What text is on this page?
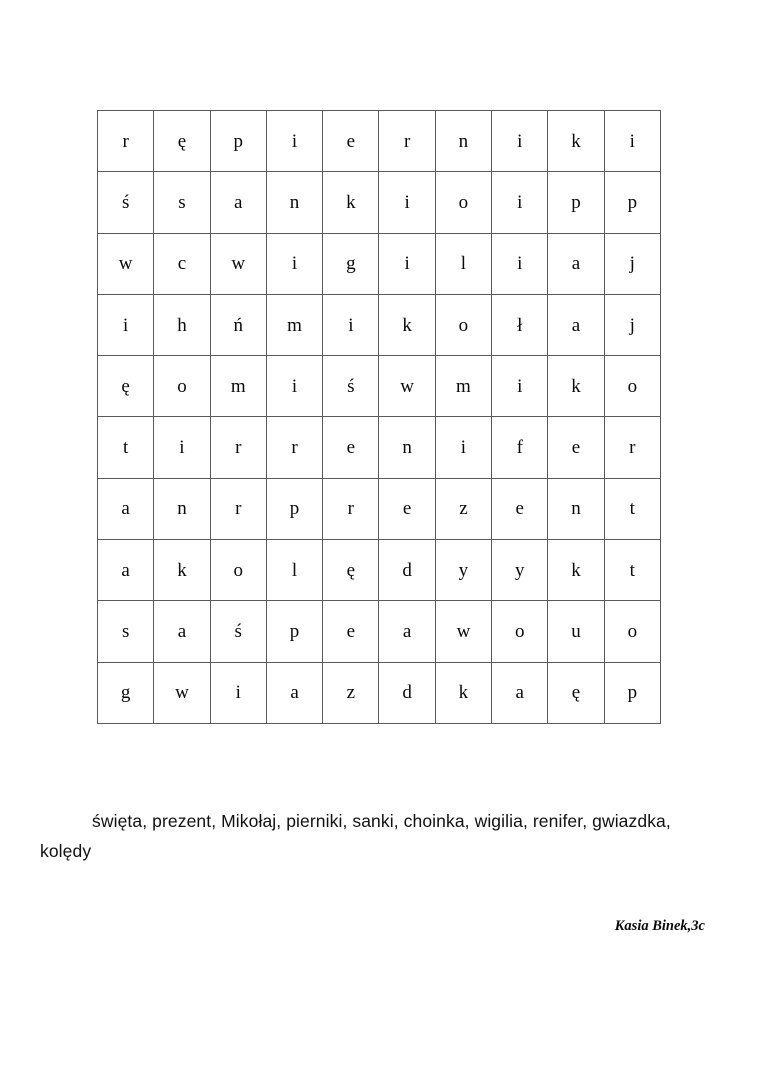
r	ę	p	i	e	r	n	i	k	i
ś	s	a	n	k	i	o	i	p	p
w	c	w	i	g	i	l	i	a	j
i	h	ń	m	i	k	o	ł	a	j
ę	o	m	i	ś	w	m	i	k	o
t	i	r	r	e	n	i	f	e	r
a	n	r	p	r	e	z	e	n	t
a	k	o	l	ę	d	y	y	k	t
s	a	ś	p	e	a	w	o	u	o
g	w	i	a	z	d	k	a	ę	p
święta, prezent, Mikołaj, pierniki, sanki, choinka, wigilia, renifer, gwiazdka, kolędy
Kasia Binek,3c
